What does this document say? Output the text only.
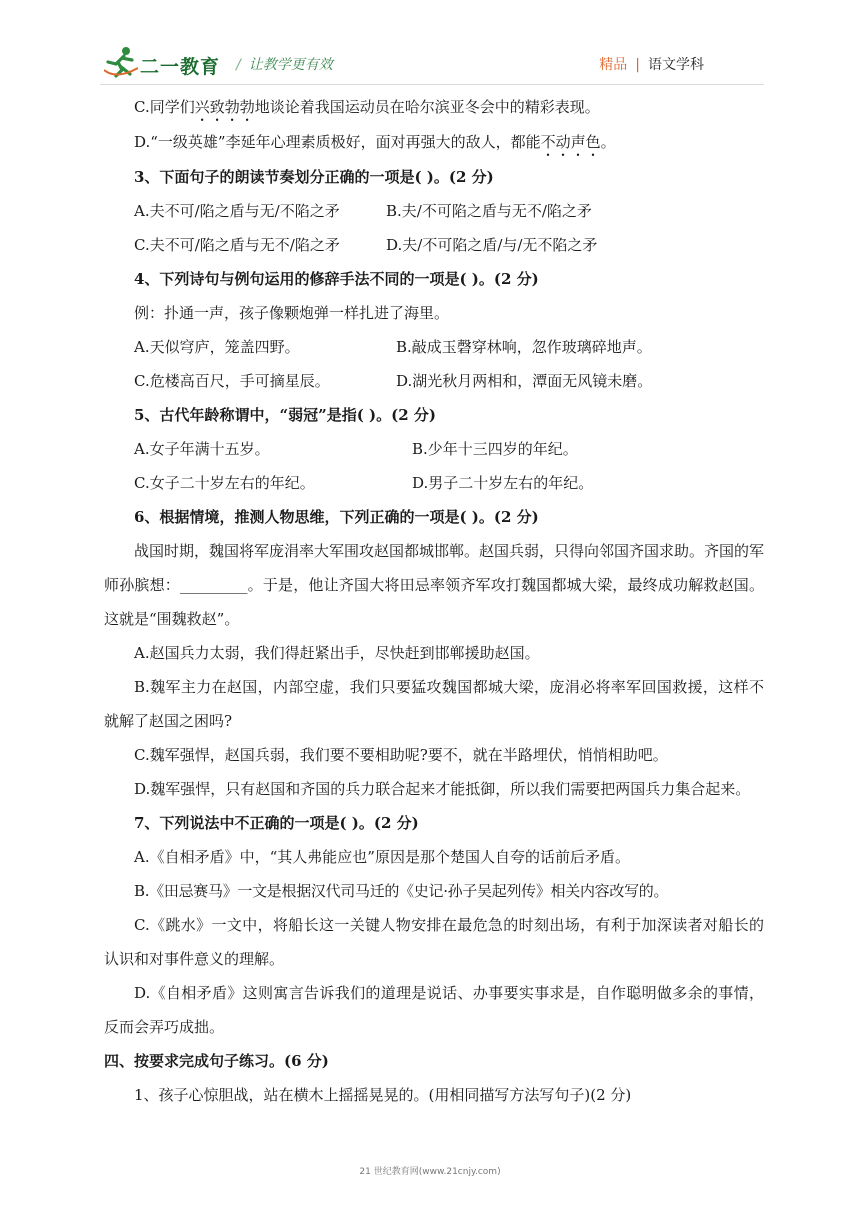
二一教育 / 让教学更有效	精品 | 语文学科

C.同学们兴致勃勃地谈论着我国运动员在哈尔滨亚冬会中的精彩表现。

D.“一级英雄”李延年心理素质极好，面对再强大的敌人，都能不动声色。

3、下面句子的朗读节奏划分正确的一项是( )。(2 分)

A.夫不可/陷之盾与无/不陷之矛	B.夫/不可陷之盾与无不/陷之矛
C.夫不可/陷之盾与无不/陷之矛	D.夫/不可陷之盾/与/无不陷之矛

4、下列诗句与例句运用的修辞手法不同的一项是( )。(2 分)

例：扑通一声，孩子像颗炮弹一样扎进了海里。

A.天似穹庐，笼盖四野。	B.敲成玉磬穿林响，忽作玻璃碎地声。
C.危楼高百尺，手可摘星辰。	D.湖光秋月两相和，潭面无风镜未磨。

5、古代年龄称谓中，“弱冠”是指( )。(2 分)

A.女子年满十五岁。	B.少年十三四岁的年纪。
C.女子二十岁左右的年纪。	D.男子二十岁左右的年纪。

6、根据情境，推测人物思维，下列正确的一项是( )。(2 分)

战国时期，魏国将军庞涓率大军围攻赵国都城邯郸。赵国兵弱，只得向邻国齐国求助。齐国的军师孙膑想：_________。于是，他让齐国大将田忌率领齐军攻打魏国都城大梁，最终成功解救赵国。这就是“围魏救赵”。

A.赵国兵力太弱，我们得赶紧出手，尽快赶到邯郸援助赵国。

B.魏军主力在赵国，内部空虚，我们只要猛攻魏国都城大梁，庞涓必将率军回国救援，这样不就解了赵国之困吗?

C.魏军强悍，赵国兵弱，我们要不要相助呢?要不，就在半路埋伏，悄悄相助吧。

D.魏军强悍，只有赵国和齐国的兵力联合起来才能抵御，所以我们需要把两国兵力集合起来。

7、下列说法中不正确的一项是( )。(2 分)

A.《自相矛盾》中，“其人弗能应也”原因是那个楚国人自夸的话前后矛盾。

B.《田忌赛马》一文是根据汉代司马迁的《史记·孙子吴起列传》相关内容改写的。

C.《跳水》一文中，将船长这一关键人物安排在最危急的时刻出场，有利于加深读者对船长的认识和对事件意义的理解。

D.《自相矛盾》这则寓言告诉我们的道理是说话、办事要实事求是，自作聪明做多余的事情，反而会弄巧成拙。

四、按要求完成句子练习。(6 分)

1、孩子心惊胆战，站在横木上摇摇晃晃的。(用相同描写方法写句子)(2 分)

21 世纪教育网(www.21cnjy.com)
